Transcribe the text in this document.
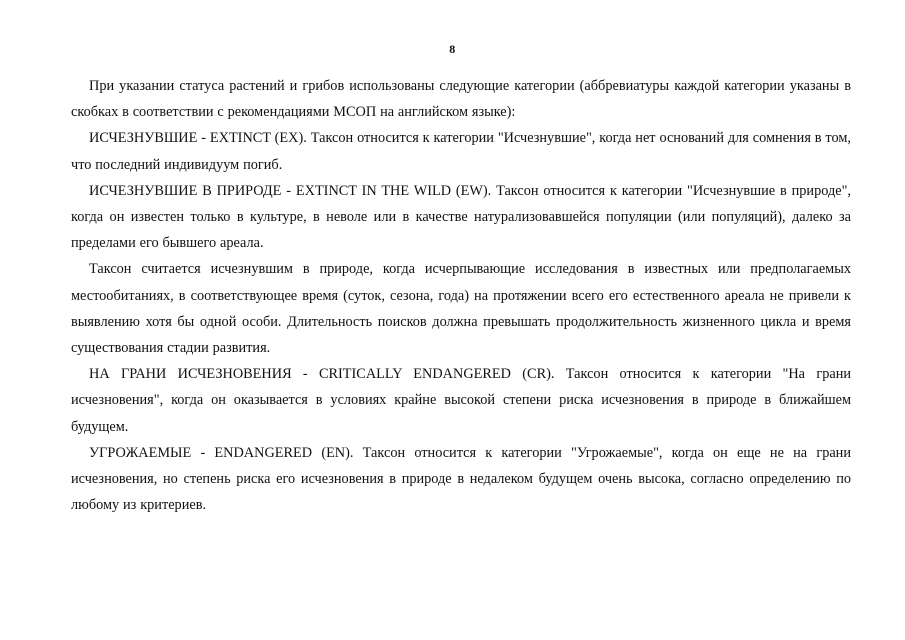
8

При указании статуса растений и грибов использованы следующие категории (аббревиатуры каждой категории указаны в скобках в соответствии с рекомендациями МСОП на английском языке):

ИСЧЕЗНУВШИЕ - EXTINCT (EX). Таксон относится к категории "Исчезнувшие", когда нет оснований для сомнения в том, что последний индивидуум погиб.

ИСЧЕЗНУВШИЕ В ПРИРОДЕ - EXTINCT IN THE WILD (EW). Таксон относится к категории "Исчезнувшие в природе", когда он известен только в культуре, в неволе или в качестве натурализовавшейся популяции (или популяций), далеко за пределами его бывшего ареала.

Таксон считается исчезнувшим в природе, когда исчерпывающие исследования в известных или предполагаемых местообитаниях, в соответствующее время (суток, сезона, года) на протяжении всего его естественного ареала не привели к выявлению хотя бы одной особи. Длительность поисков должна превышать продолжительность жизненного цикла и время существования стадии развития.

НА ГРАНИ ИСЧЕЗНОВЕНИЯ - CRITICALLY ENDANGERED (CR). Таксон относится к категории "На грани исчезновения", когда он оказывается в условиях крайне высокой степени риска исчезновения в природе в ближайшем будущем.

УГРОЖАЕМЫЕ - ENDANGERED (EN). Таксон относится к категории "Угрожаемые", когда он еще не на грани исчезновения, но степень риска его исчезновения в природе в недалеком будущем очень высока, согласно определению по любому из критериев.
